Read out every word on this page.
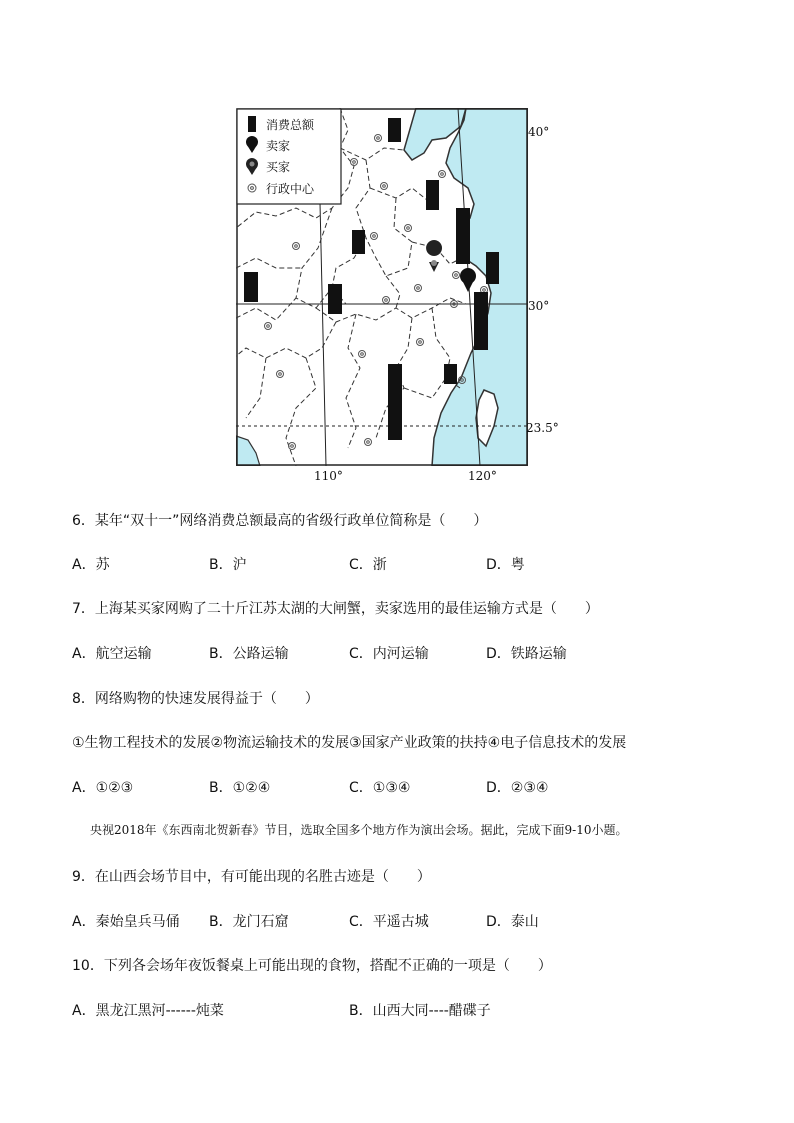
消费总额
卖家
买家
行政中心
40°
30°
23.5°
110°	120°
6．某年“双十一”网络消费总额最高的省级行政单位简称是（　　）
A．苏	B．沪	C．浙	D．粤
7．上海某买家网购了二十斤江苏太湖的大闸蟹，卖家选用的最佳运输方式是（　　）
A．航空运输	B．公路运输	C．内河运输	D．铁路运输
8．网络购物的快速发展得益于（　　）
①生物工程技术的发展②物流运输技术的发展③国家产业政策的扶持④电子信息技术的发展
A．①②③	B．①②④	C．①③④	D．②③④
央视2018年《东西南北贺新春》节目，选取全国多个地方作为演出会场。据此，完成下面9-10小题。
9．在山西会场节目中，有可能出现的名胜古迹是（　　）
A．秦始皇兵马俑 B．龙门石窟	C．平遥古城	D．泰山
10．下列各会场年夜饭餐桌上可能出现的食物，搭配不正确的一项是（　　）
A．黑龙江黑河------炖菜	B．山西大同----醋碟子
